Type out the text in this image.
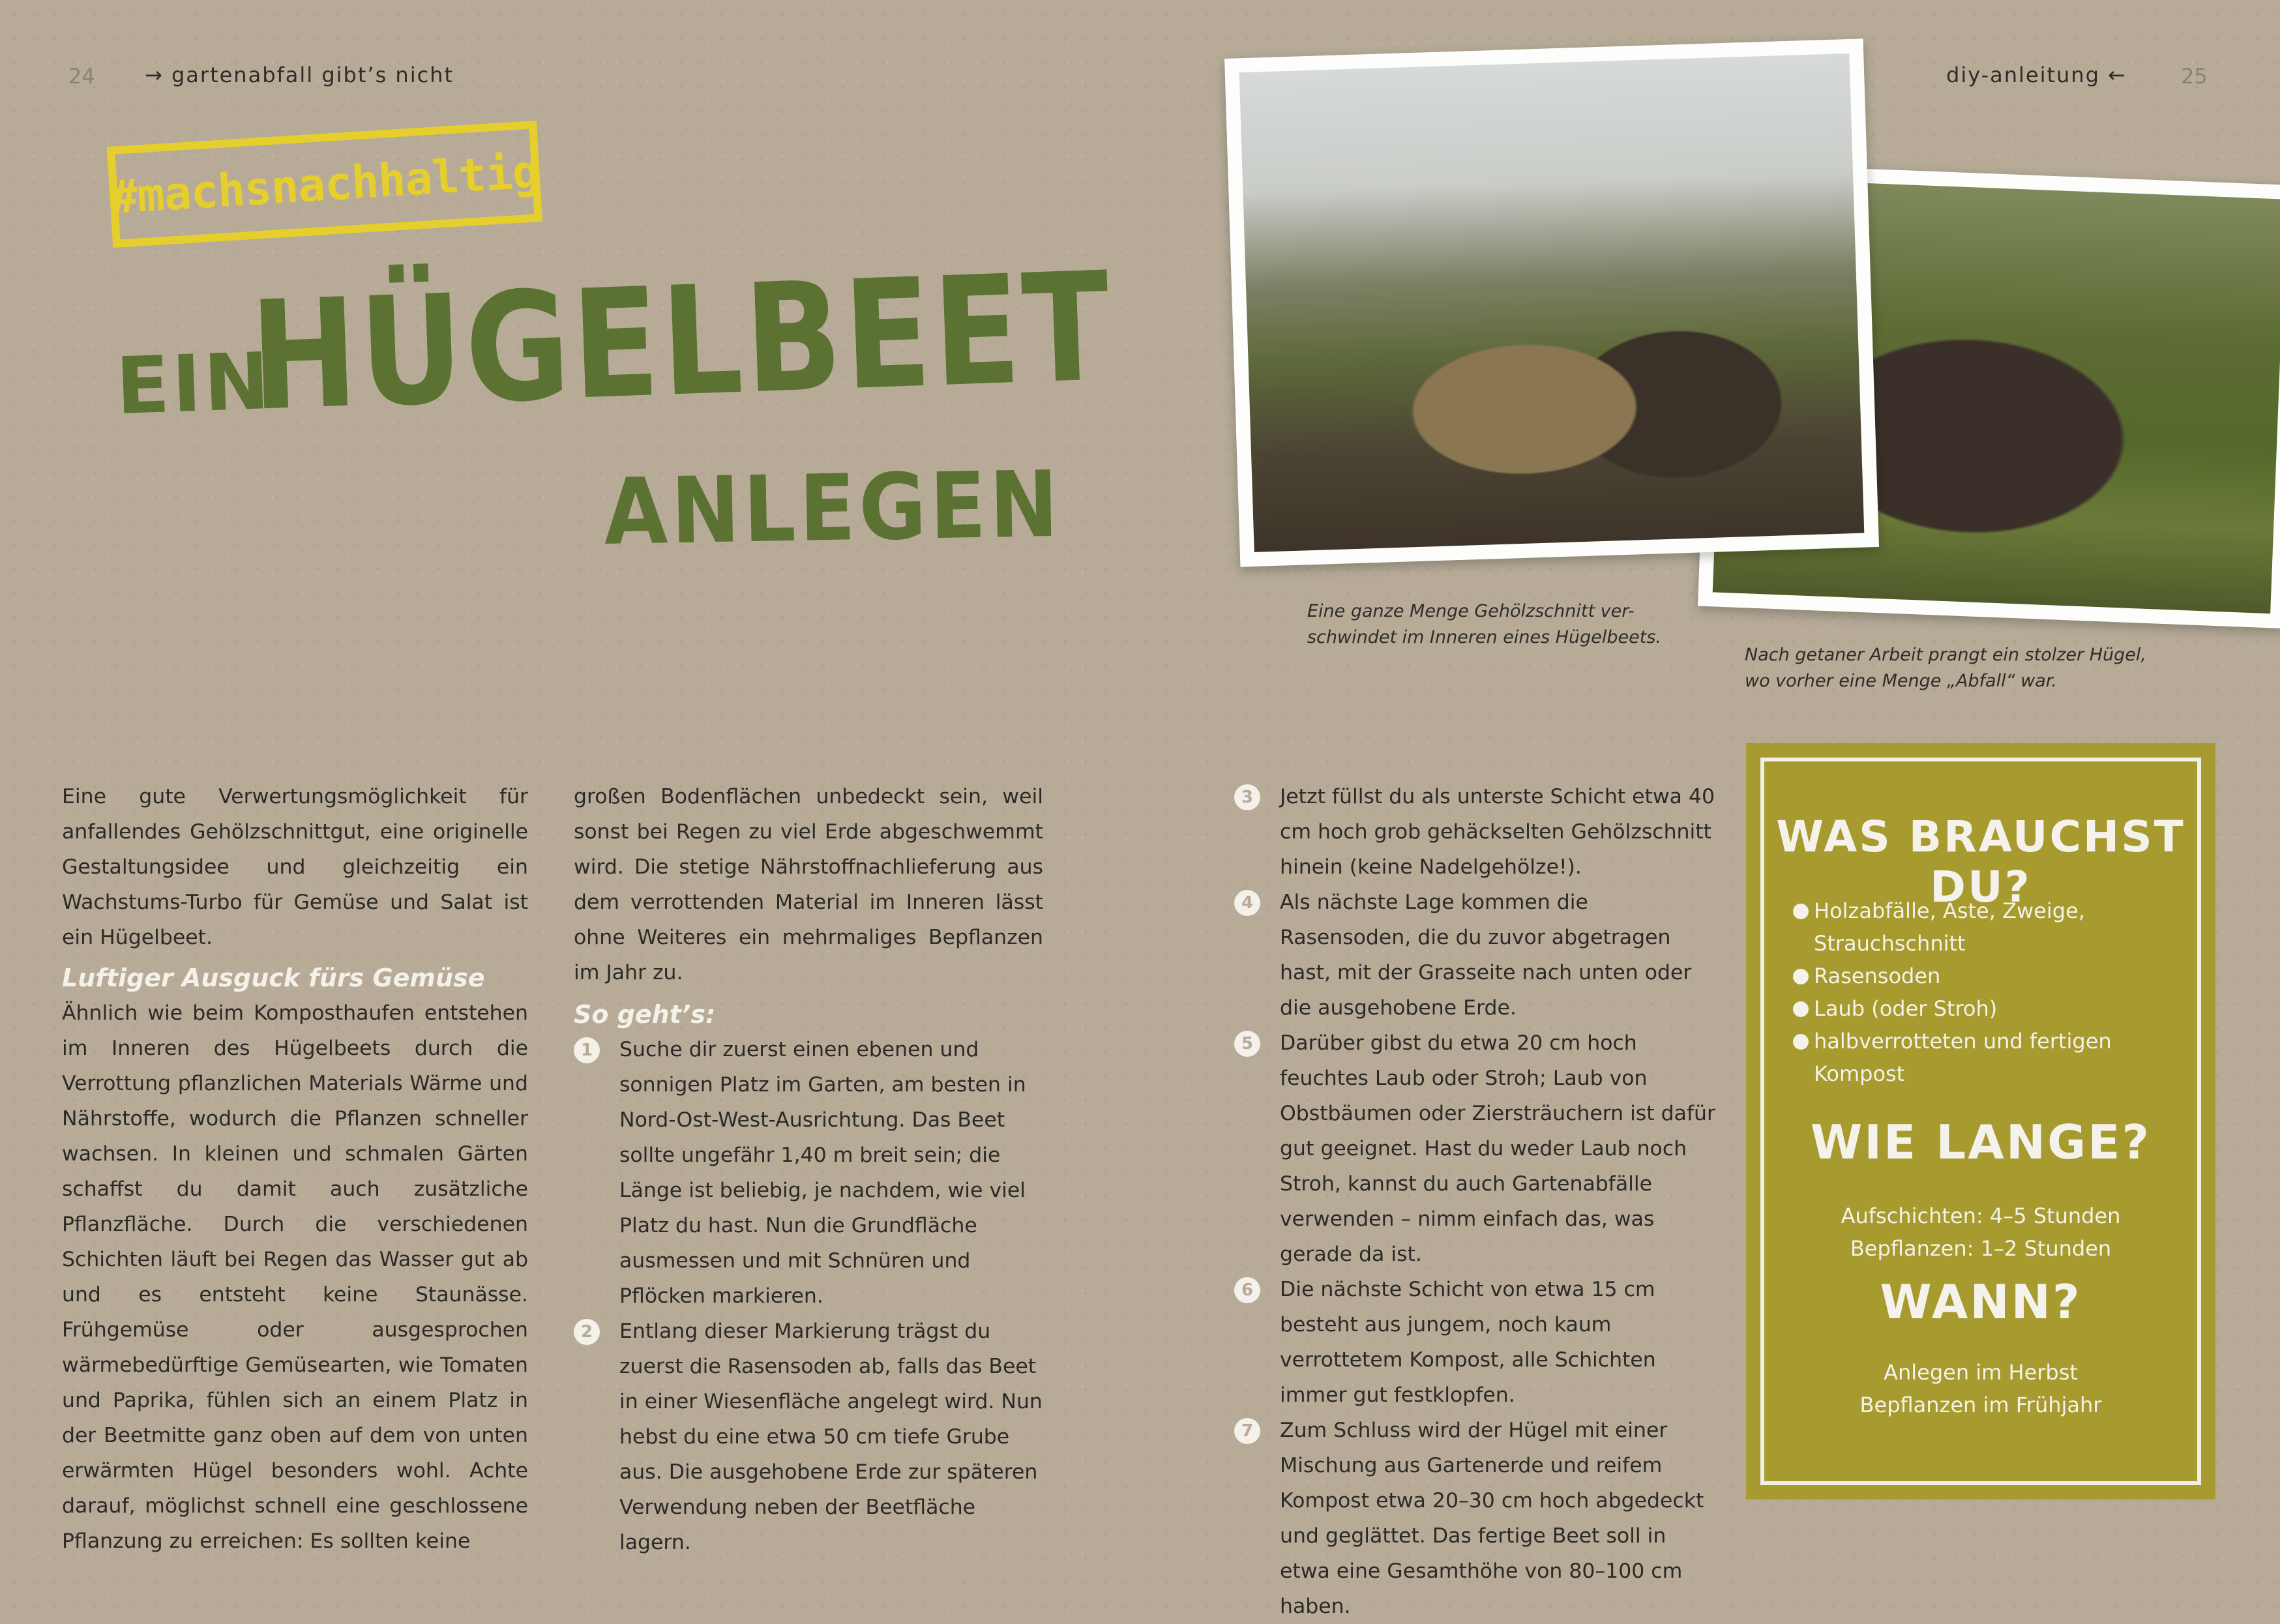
24 → gartenabfall gibt’s nicht	diy-anleitung ←	25
#machsnachhaltig
EIN
HÜGELBEET
ANLEGEN
Eine ganze Menge Gehölzschnitt ver-
schwindet im Inneren eines Hügelbeets.
Nach getaner Arbeit prangt ein stolzer Hügel,
wo vorher eine Menge „Abfall“ war.

Eine gute Verwertungsmöglichkeit für anfallendes Gehölzschnittgut, eine originelle Gestaltungsidee und gleichzeitig ein Wachstums-Turbo für Gemüse und Salat ist ein Hügelbeet.

Luftiger Ausguck fürs Gemüse

Ähnlich wie beim Komposthaufen entstehen im Inneren des Hügelbeets durch die Verrottung pflanzlichen Materials Wärme und Nährstoffe, wodurch die Pflanzen schneller wachsen. In kleinen und schmalen Gärten schaffst du damit auch zusätzliche Pflanzfläche. Durch die verschiedenen Schichten läuft bei Regen das Wasser gut ab und es entsteht keine Staunässe. Frühgemüse oder ausgesprochen wärmebedürftige Gemüsearten, wie Tomaten und Paprika, fühlen sich an einem Platz in der Beetmitte ganz oben auf dem von unten erwärmten Hügel besonders wohl. Achte darauf, möglichst schnell eine geschlossene Pflanzung zu erreichen: Es sollten keine

großen Bodenflächen unbedeckt sein, weil sonst bei Regen zu viel Erde abgeschwemmt wird. Die stetige Nährstoffnachlieferung aus dem verrottenden Material im Inneren lässt ohne Weiteres ein mehrmaliges Bepflanzen im Jahr zu.

So geht’s:

1	Suche dir zuerst einen ebenen und sonnigen Platz im Garten, am besten in Nord-Ost-West-Ausrichtung. Das Beet sollte ungefähr 1,40 m breit sein; die Länge ist beliebig, je nachdem, wie viel Platz du hast. Nun die Grundfläche ausmessen und mit Schnüren und Pflöcken markieren.
2	Entlang dieser Markierung trägst du zuerst die Rasensoden ab, falls das Beet in einer Wiesenfläche angelegt wird. Nun hebst du eine etwa 50 cm tiefe Grube aus. Die ausgehobene Erde zur späteren Verwendung neben der Beetfläche lagern.
3	Jetzt füllst du als unterste Schicht etwa 40 cm hoch grob gehäckselten Gehölzschnitt hinein (keine Nadelgehölze!).
4	Als nächste Lage kommen die Rasensoden, die du zuvor abgetragen hast, mit der Grasseite nach unten oder die ausgehobene Erde.
5	Darüber gibst du etwa 20 cm hoch feuchtes Laub oder Stroh; Laub von Obstbäumen oder Ziersträuchern ist dafür gut geeignet. Hast du weder Laub noch Stroh, kannst du auch Gartenabfälle verwenden – nimm einfach das, was gerade da ist.
6	Die nächste Schicht von etwa 15 cm besteht aus jungem, noch kaum verrottetem Kompost, alle Schichten immer gut festklopfen.
7	Zum Schluss wird der Hügel mit einer Mischung aus Gartenerde und reifem Kompost etwa 20–30 cm hoch abgedeckt und geglättet. Das fertige Beet soll in etwa eine Gesamthöhe von 80–100 cm haben.
WAS BRAUCHST DU?
Holzabfälle, Äste, Zweige, Strauchschnitt
Rasensoden
Laub (oder Stroh)
halbverrotteten und fertigen Kompost
WIE LANGE?
Aufschichten: 4–5 Stunden
Bepflanzen: 1–2 Stunden
WANN?
Anlegen im Herbst
Bepflanzen im Frühjahr
